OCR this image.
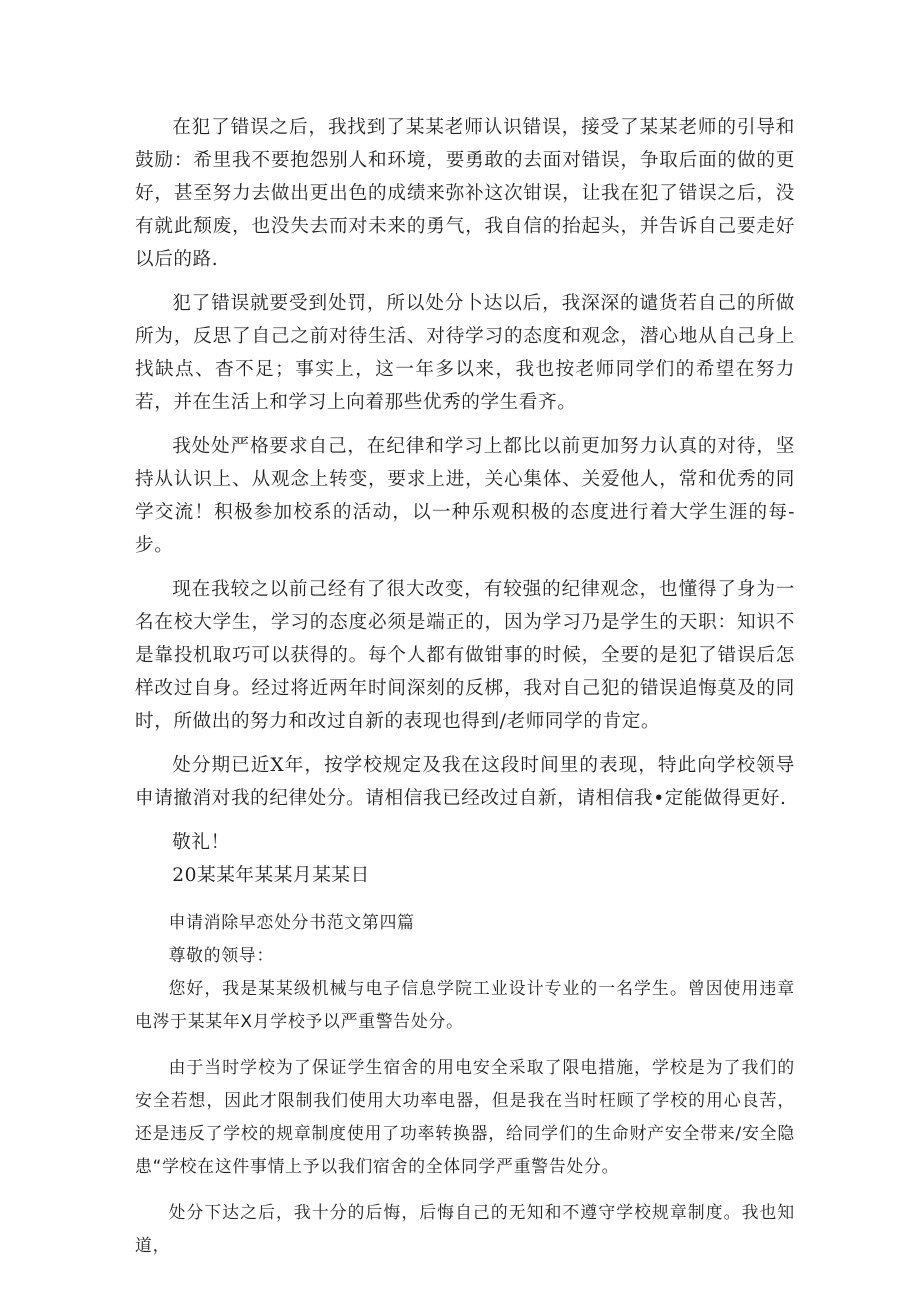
在犯了错误之后，我找到了某某老师认识错误，接受了某某老师的引导和鼓励：希里我不要抱怨别人和环境，要勇敢的去面对错误，争取后面的做的更好，甚至努力去做出更出色的成绩来弥补这次钳误，让我在犯了错误之后，没有就此颓废，也没失去而对未来的勇气，我自信的抬起头，并告诉自己要走好以后的路.

犯了错误就要受到处罚，所以处分卜达以后，我深深的谴货若自己的所做所为，反思了自己之前对待生活、对待学习的态度和观念，潜心地从自己身上找缺点、杳不足；事实上，这一年多以来，我也按老师同学们的希望在努力若，并在生活上和学习上向着那些优秀的学生看齐。

我处处严格要求自己，在纪律和学习上都比以前更加努力认真的对待，坚持从认识上、从观念上转变，要求上进，关心集体、关爱他人，常和优秀的同学交流！积极参加校系的活动，以一种乐观积极的态度进行着大学生涯的每-步。

现在我较之以前己经有了很大改变，有较强的纪律观念，也懂得了身为一名在校大学生，学习的态度必须是端正的，因为学习乃是学生的天职：知识不是靠投机取巧可以获得的。每个人都有做钳事的时候，全要的是犯了错误后怎样改过自身。经过将近两年时间深刻的反梆，我对自己犯的错误追悔莫及的同时，所做出的努力和改过自新的表现也得到/老师同学的肯定。

处分期已近X年，按学校规定及我在这段时间里的表现，特此向学校领导申请撤消对我的纪律处分。请相信我已经改过自新，请相信我•定能做得更好.

敬礼！

20某某年某某月某某日

申请消除早恋处分书范文第四篇

尊敬的领导：

您好，我是某某级机械与电子信息学院工业设计专业的一名学生。曾因使用违章电涔于某某年X月学校予以严重警告处分。

由于当时学校为了保证学生宿舍的用电安全采取了限电措施，学校是为了我们的安全若想，因此才限制我们使用大功率电器，但是我在当时枉顾了学校的用心良苦，还是违反了学校的规章制度使用了功率转换器，给同学们的生命财产安全带来/安全隐患“学校在这件事情上予以我们宿舍的全体同学严重警告处分。

处分下达之后，我十分的后悔，后悔自己的无知和不遵守学校规章制度。我也知道，
